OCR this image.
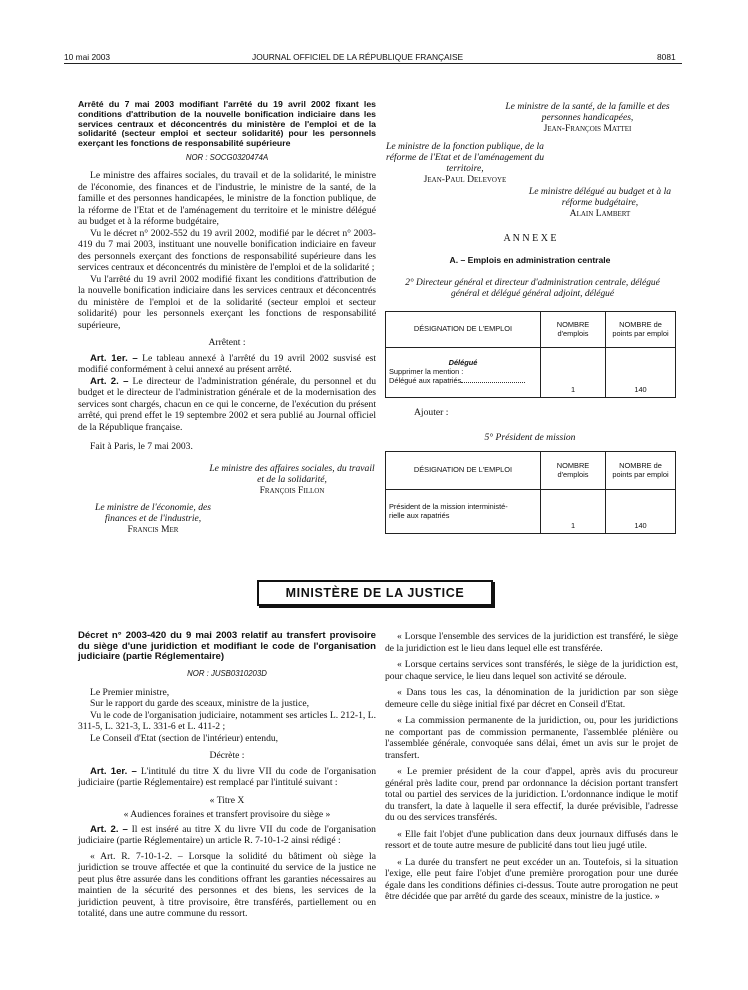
10 mai 2003	JOURNAL OFFICIEL DE LA RÉPUBLIQUE FRANÇAISE	8081
Arrêté du 7 mai 2003 modifiant l'arrêté du 19 avril 2002 fixant les conditions d'attribution de la nouvelle bonification indiciaire dans les services centraux et déconcentrés du ministère de l'emploi et de la solidarité (secteur emploi et secteur solidarité) pour les personnels exerçant les fonctions de responsabilité supérieure
NOR : SOCG0320474A

Le ministre des affaires sociales, du travail et de la solidarité, le ministre de l'économie, des finances et de l'industrie, le ministre de la santé, de la famille et des personnes handicapées, le ministre de la fonction publique, de la réforme de l'Etat et de l'aménagement du territoire et le ministre délégué au budget et à la réforme budgétaire,

Vu le décret n° 2002-552 du 19 avril 2002, modifié par le décret n° 2003-419 du 7 mai 2003, instituant une nouvelle bonification indiciaire en faveur des personnels exerçant des fonctions de responsabilité supérieure dans les services centraux et déconcentrés du ministère de l'emploi et de la solidarité ;

Vu l'arrêté du 19 avril 2002 modifié fixant les conditions d'attribution de la nouvelle bonification indiciaire dans les services centraux et déconcentrés du ministère de l'emploi et de la solidarité (secteur emploi et secteur solidarité) pour les personnels exerçant les fonctions de responsabilité supérieure,

Arrêtent :

Art. 1er. – Le tableau annexé à l'arrêté du 19 avril 2002 susvisé est modifié conformément à celui annexé au présent arrêté.

Art. 2. – Le directeur de l'administration générale, du personnel et du budget et le directeur de l'administration générale et de la modernisation des services sont chargés, chacun en ce qui le concerne, de l'exécution du présent arrêté, qui prend effet le 19 septembre 2002 et sera publié au Journal officiel de la République française.

Fait à Paris, le 7 mai 2003.

Le ministre des affaires sociales, du travail et de la solidarité,
François Fillon
Le ministre de l'économie, des finances et de l'industrie,
Francis Mer
Le ministre de la santé, de la famille et des personnes handicapées,
Jean-François Mattei
Le ministre de la fonction publique, de la réforme de l'Etat et de l'aménagement du territoire,
Jean-Paul Delevoye
Le ministre délégué au budget et à la réforme budgétaire,
Alain Lambert
A N N E X E
A. – Emplois en administration centrale
2° Directeur général et directeur d'administration centrale, délégué général et délégué général adjoint, délégué
DÉSIGNATION DE L'EMPLOI	NOMBRE d'emplois	NOMBRE de points par emploi

Délégué
Supprimer la mention :
Délégué aux rapatriés	1	140
Ajouter :
5° Président de mission
DÉSIGNATION DE L'EMPLOI	NOMBRE d'emplois	NOMBRE de points par emploi

Président de la mission interministé-
rielle aux rapatriés	1	140
MINISTÈRE DE LA JUSTICE
Décret n° 2003-420 du 9 mai 2003 relatif au transfert provisoire du siège d'une juridiction et modifiant le code de l'organisation judiciaire (partie Réglementaire)
NOR : JUSB0310203D

Le Premier ministre,

Sur le rapport du garde des sceaux, ministre de la justice,

Vu le code de l'organisation judiciaire, notamment ses articles L. 212-1, L. 311-5, L. 321-3, L. 331-6 et L. 411-2 ;

Le Conseil d'Etat (section de l'intérieur) entendu,

Décrète :

Art. 1er. – L'intitulé du titre X du livre VII du code de l'organisation judiciaire (partie Réglementaire) est remplacé par l'intitulé suivant :

« Titre X

« Audiences foraines et transfert provisoire du siège »

Art. 2. – Il est inséré au titre X du livre VII du code de l'organisation judiciaire (partie Réglementaire) un article R. 7-10-1-2 ainsi rédigé :

« Art. R. 7-10-1-2. – Lorsque la solidité du bâtiment où siège la juridiction se trouve affectée et que la continuité du service de la justice ne peut plus être assurée dans les conditions offrant les garanties nécessaires au maintien de la sécurité des personnes et des biens, les services de la juridiction peuvent, à titre provisoire, être transférés, partiellement ou en totalité, dans une autre commune du ressort.

« Lorsque l'ensemble des services de la juridiction est transféré, le siège de la juridiction est le lieu dans lequel elle est transférée.

« Lorsque certains services sont transférés, le siège de la juridiction est, pour chaque service, le lieu dans lequel son activité se déroule.

« Dans tous les cas, la dénomination de la juridiction par son siège demeure celle du siège initial fixé par décret en Conseil d'Etat.

« La commission permanente de la juridiction, ou, pour les juridictions ne comportant pas de commission permanente, l'assemblée plénière ou l'assemblée générale, convoquée sans délai, émet un avis sur le projet de transfert.

« Le premier président de la cour d'appel, après avis du procureur général près ladite cour, prend par ordonnance la décision portant transfert total ou partiel des services de la juridiction. L'ordonnance indique le motif du transfert, la date à laquelle il sera effectif, la durée prévisible, l'adresse du ou des services transférés.

« Elle fait l'objet d'une publication dans deux journaux diffusés dans le ressort et de toute autre mesure de publicité dans tout lieu jugé utile.

« La durée du transfert ne peut excéder un an. Toutefois, si la situation l'exige, elle peut faire l'objet d'une première prorogation pour une durée égale dans les conditions définies ci-dessus. Toute autre prorogation ne peut être décidée que par arrêté du garde des sceaux, ministre de la justice. »
